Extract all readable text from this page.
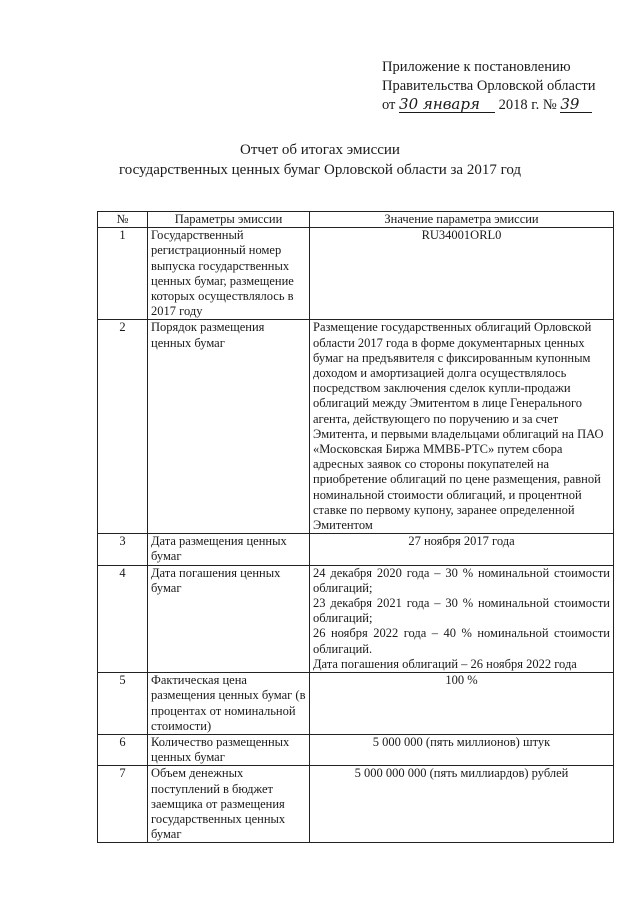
Приложение к постановлению
Правительства Орловской области
от 30 января 2018 г. № 39
Отчет об итогах эмиссии
государственных ценных бумаг Орловской области за 2017 год
№	Параметры эмиссии	Значение параметра эмиссии
1	Государственный регистрационный номер выпуска государственных ценных бумаг, размещение которых осуществлялось в 2017 году	RU34001ORL0
2	Порядок размещения ценных бумаг	Размещение государственных облигаций Орловской области 2017 года в форме документарных ценных бумаг на предъявителя с фиксированным купонным доходом и амортизацией долга осуществлялось посредством заключения сделок купли-продажи облигаций между Эмитентом в лице Генерального агента, действующего по поручению и за счет Эмитента, и первыми владельцами облигаций на ПАО «Московская Биржа ММВБ-РТС» путем сбора адресных заявок со стороны покупателей на приобретение облигаций по цене размещения, равной номинальной стоимости облигаций, и процентной ставке по первому купону, заранее определенной Эмитентом
3	Дата размещения ценных бумаг	27 ноября 2017 года
4	Дата погашения ценных бумаг	24 декабря 2020 года – 30 % номинальной стоимости облигаций;
23 декабря 2021 года – 30 % номинальной стоимости облигаций;
26 ноября 2022 года – 40 % номинальной стоимости облигаций.
Дата погашения облигаций – 26 ноября 2022 года

5	Фактическая цена размещения ценных бумаг (в процентах от номинальной стоимости)	100 %
6	Количество размещенных ценных бумаг	5 000 000 (пять миллионов) штук
7	Объем денежных поступлений в бюджет заемщика от размещения государственных ценных бумаг	5 000 000 000 (пять миллиардов) рублей
